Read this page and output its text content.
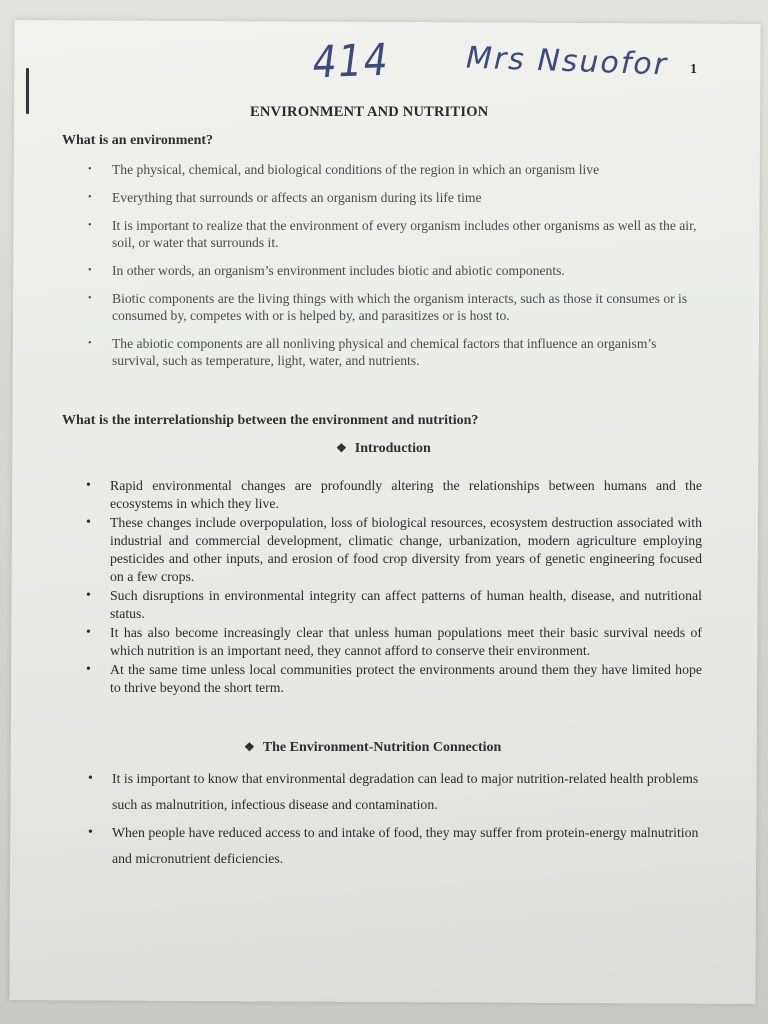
414	Mrs Nsuofor 1
ENVIRONMENT AND NUTRITION
What is an environment?
• The physical, chemical, and biological conditions of the region in which an organism live
• Everything that surrounds or affects an organism during its life time
• It is important to realize that the environment of every organism includes other organisms as well as the air, soil, or water that surrounds it.
• In other words, an organism’s environment includes biotic and abiotic components.
• Biotic components are the living things with which the organism interacts, such as those it consumes or is consumed by, competes with or is helped by, and parasitizes or is host to.
• The abiotic components are all nonliving physical and chemical factors that influence an organism’s survival, such as temperature, light, water, and nutrients.
What is the interrelationship between the environment and nutrition?
❖ Introduction
• Rapid environmental changes are profoundly altering the relationships between humans and the ecosystems in which they live.
• These changes include overpopulation, loss of biological resources, ecosystem destruction associated with industrial and commercial development, climatic change, urbanization, modern agriculture employing pesticides and other inputs, and erosion of food crop diversity from years of genetic engineering focused on a few crops.
• Such disruptions in environmental integrity can affect patterns of human health, disease, and nutritional status.
• It has also become increasingly clear that unless human populations meet their basic survival needs of which nutrition is an important need, they cannot afford to conserve their environment.
• At the same time unless local communities protect the environments around them they have limited hope to thrive beyond the short term.
❖ The Environment-Nutrition Connection
• It is important to know that environmental degradation can lead to major nutrition-related health problems such as malnutrition, infectious disease and contamination.
• When people have reduced access to and intake of food, they may suffer from protein-energy malnutrition and micronutrient deficiencies.
